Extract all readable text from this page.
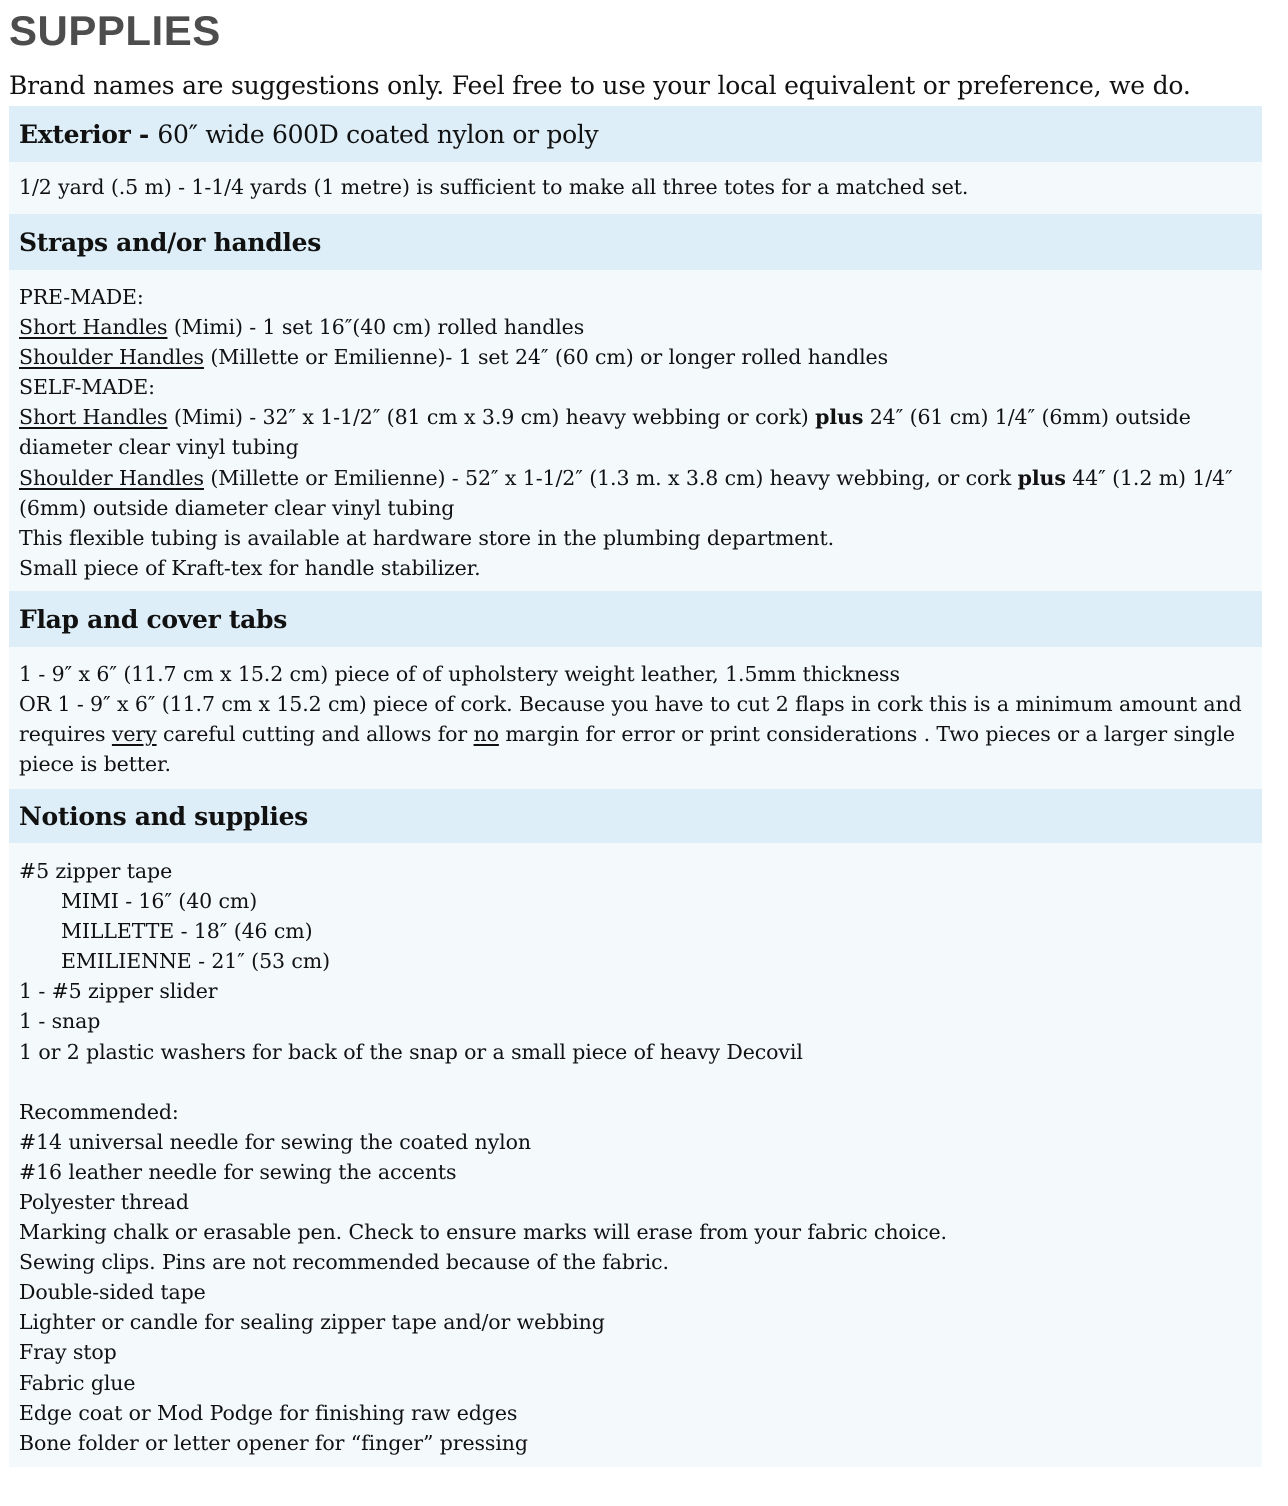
SUPPLIES
Brand names are suggestions only. Feel free to use your local equivalent or preference, we do.
Exterior - 60″ wide 600D coated nylon or poly
1/2 yard (.5 m) - 1-1/4 yards (1 metre) is sufficient to make all three totes for a matched set.
Straps and/or handles
PRE-MADE:
Short Handles (Mimi) - 1 set 16″(40 cm) rolled handles
Shoulder Handles (Millette or Emilienne)- 1 set 24″ (60 cm) or longer rolled handles
SELF-MADE:
Short Handles (Mimi) - 32″ x 1-1/2″ (81 cm x 3.9 cm) heavy webbing or cork) plus 24″ (61 cm) 1/4″ (6mm) outside diameter clear vinyl tubing
Shoulder Handles (Millette or Emilienne) - 52″ x 1-1/2″ (1.3 m. x 3.8 cm) heavy webbing, or cork plus 44″ (1.2 m) 1/4″ (6mm) outside diameter clear vinyl tubing
This flexible tubing is available at hardware store in the plumbing department.
Small piece of Kraft-tex for handle stabilizer.
Flap and cover tabs
1 - 9″ x 6″ (11.7 cm x 15.2 cm) piece of of upholstery weight leather, 1.5mm thickness
OR 1 - 9″ x 6″ (11.7 cm x 15.2 cm) piece of cork. Because you have to cut 2 flaps in cork this is a minimum amount and requires very careful cutting and allows for no margin for error or print considerations . Two pieces or a larger single piece is better.
Notions and supplies
#5 zipper tape
MIMI - 16″ (40 cm)
MILLETTE - 18″ (46 cm)
EMILIENNE - 21″ (53 cm)
1 - #5 zipper slider
1 - snap
1 or 2 plastic washers for back of the snap or a small piece of heavy Decovil
Recommended:
#14 universal needle for sewing the coated nylon
#16 leather needle for sewing the accents
Polyester thread
Marking chalk or erasable pen. Check to ensure marks will erase from your fabric choice.
Sewing clips. Pins are not recommended because of the fabric.
Double-sided tape
Lighter or candle for sealing zipper tape and/or webbing
Fray stop
Fabric glue
Edge coat or Mod Podge for finishing raw edges
Bone folder or letter opener for “finger” pressing
